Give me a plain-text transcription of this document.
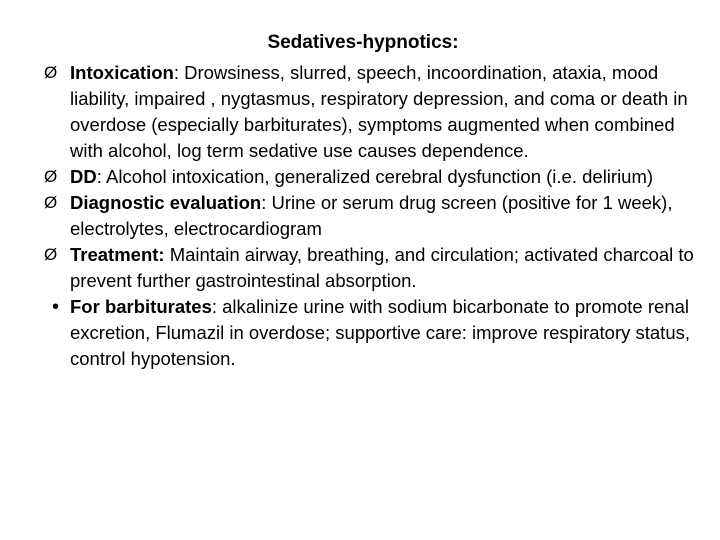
Sedatives-hypnotics:
Ø Intoxication: Drowsiness, slurred, speech, incoordination, ataxia, mood liability, impaired , nygtasmus, respiratory depression, and coma or death in overdose (especially barbiturates), symptoms augmented when combined with alcohol, log term sedative use causes dependence.
Ø DD: Alcohol intoxication, generalized cerebral dysfunction (i.e. delirium)
Ø Diagnostic evaluation: Urine or serum drug screen (positive for 1 week), electrolytes, electrocardiogram
Ø Treatment: Maintain airway, breathing, and circulation; activated charcoal to prevent further gastrointestinal absorption.
• For barbiturates: alkalinize urine with sodium bicarbonate to promote renal excretion, Flumazil in overdose; supportive care: improve respiratory status, control hypotension.
